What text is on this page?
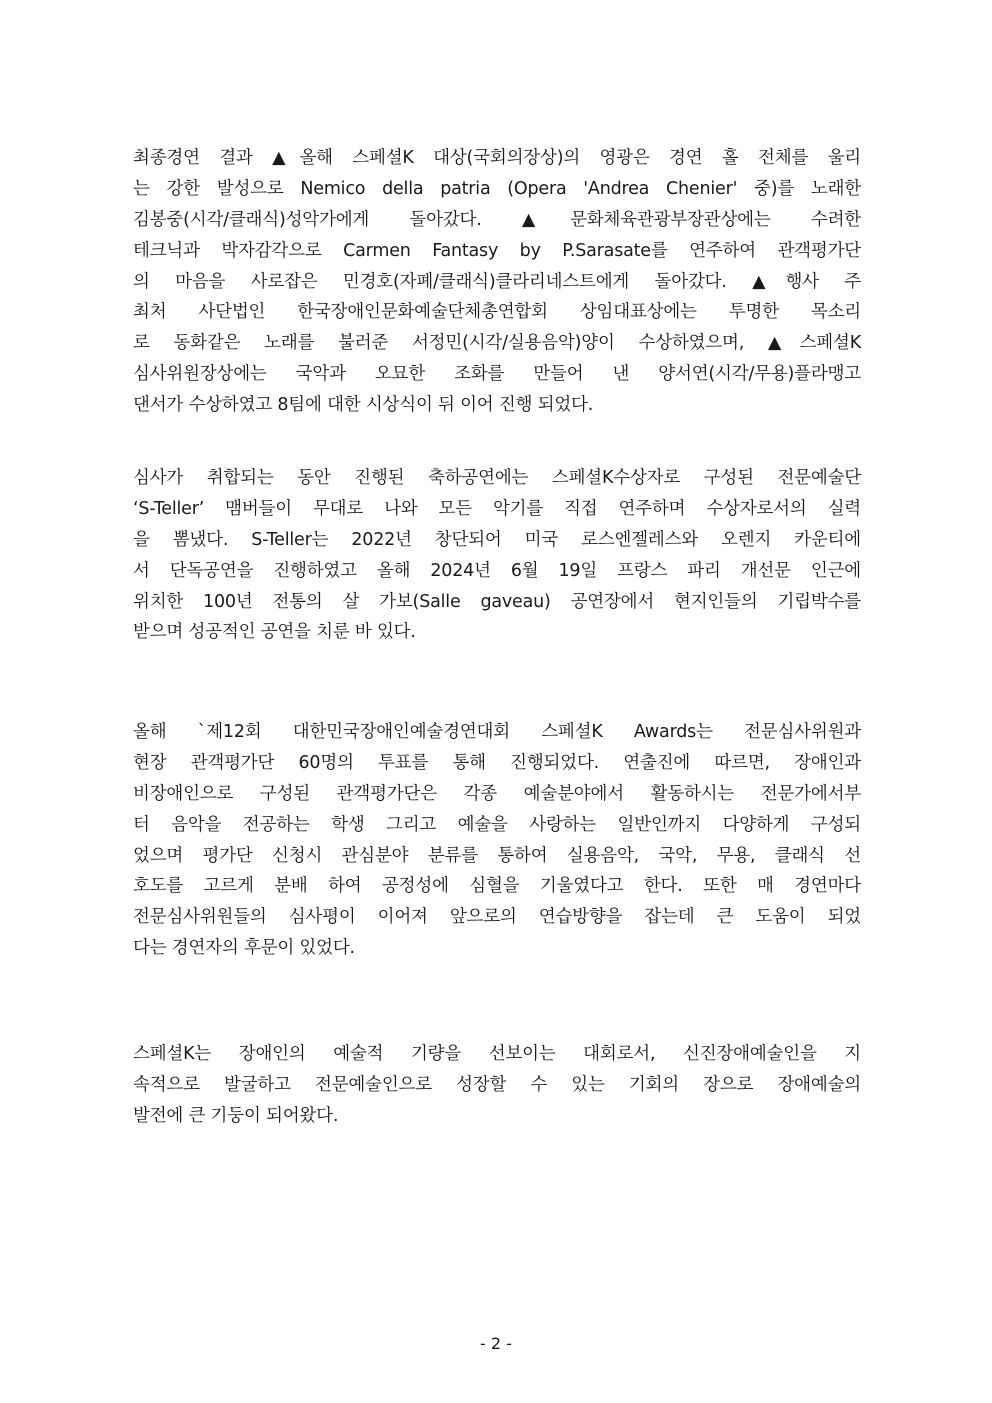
최종경연 결과 ▲올해 스페셜K 대상(국회의장상)의 영광은 경연 홀 전체를 울리
는 강한 발성으로 Nemico della patria (Opera 'Andrea Chenier' 중)를 노래한
김봉중(시각/클래식)성악가에게 돌아갔다. ▲문화체육관광부장관상에는 수려한
테크닉과 박자감각으로 Carmen Fantasy by P.Sarasate를 연주하여 관객평가단
의 마음을 사로잡은 민경호(자폐/클래식)클라리네스트에게 돌아갔다. ▲행사 주
최처 사단법인 한국장애인문화예술단체총연합회 상임대표상에는 투명한 목소리
로 동화같은 노래를 불러준 서정민(시각/실용음악)양이 수상하였으며, ▲스페셜K
심사위원장상에는 국악과 오묘한 조화를 만들어 낸 양서연(시각/무용)플라맹고
댄서가 수상하였고 8팀에 대한 시상식이 뒤 이어 진행 되었다.
심사가 취합되는 동안 진행된 축하공연에는 스페셜K수상자로 구성된 전문예술단
‘S-Teller’ 맴버들이 무대로 나와 모든 악기를 직접 연주하며 수상자로서의 실력
을 뽐냈다. S-Teller는 2022년 창단되어 미국 로스엔젤레스와 오렌지 카운티에
서 단독공연을 진행하였고 올해 2024년 6월 19일 프랑스 파리 개선문 인근에
위치한 100년 전통의 살 가보(Salle gaveau) 공연장에서 현지인들의 기립박수를
받으며 성공적인 공연을 치룬 바 있다.
올해 `제12회 대한민국장애인예술경연대회 스페셜K Awards는 전문심사위원과
현장 관객평가단 60명의 투표를 통해 진행되었다. 연출진에 따르면, 장애인과
비장애인으로 구성된 관객평가단은 각종 예술분야에서 활동하시는 전문가에서부
터 음악을 전공하는 학생 그리고 예술을 사랑하는 일반인까지 다양하게 구성되
었으며 평가단 신청시 관심분야 분류를 통하여 실용음악, 국악, 무용, 클래식 선
호도를 고르게 분배 하여 공정성에 심혈을 기울였다고 한다. 또한 매 경연마다
전문심사위원들의 심사평이 이어져 앞으로의 연습방향을 잡는데 큰 도움이 되었
다는 경연자의 후문이 있었다.
스페셜K는 장애인의 예술적 기량을 선보이는 대회로서, 신진장애예술인을 지
속적으로 발굴하고 전문예술인으로 성장할 수 있는 기회의 장으로 장애예술의
발전에 큰 기둥이 되어왔다.
- 2 -
